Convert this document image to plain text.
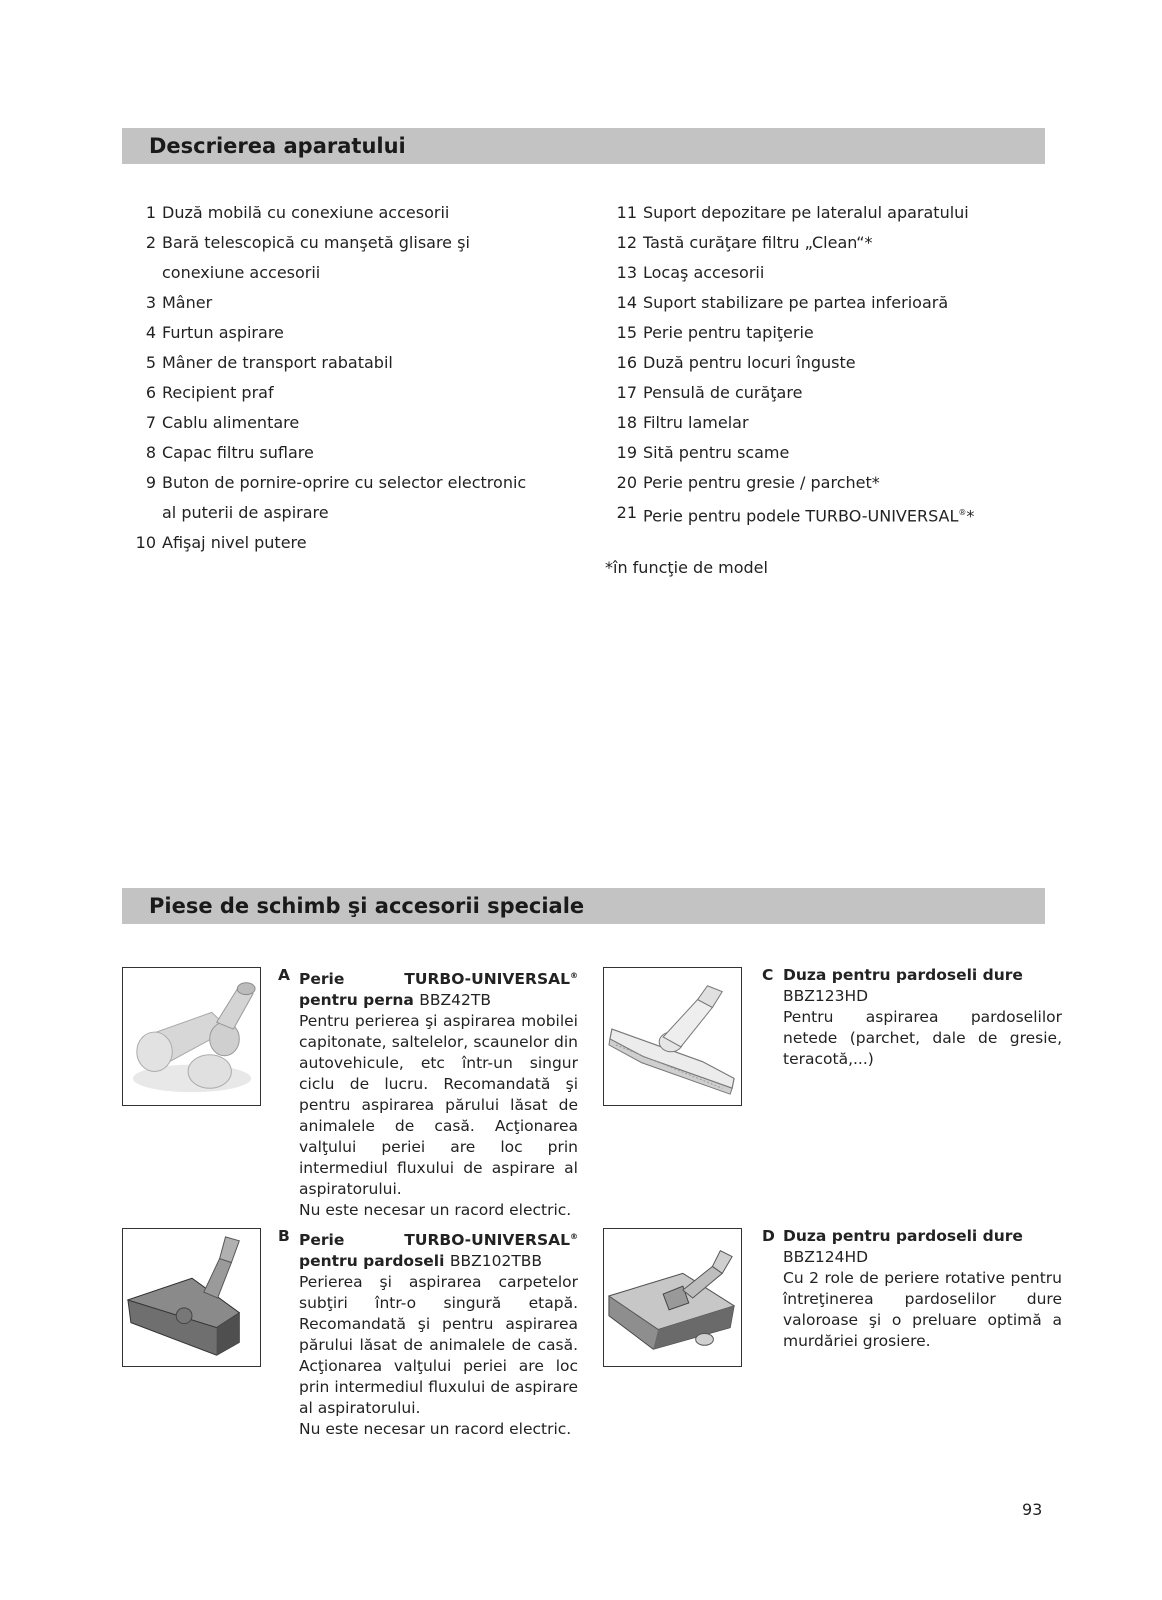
Descrierea aparatului
1 Duză mobilă cu conexiune accesorii
2 Bară telescopică cu manşetă glisare şi
conexiune accesorii
3 Mâner
4 Furtun aspirare
5 Mâner de transport rabatabil
6 Recipient praf
7 Cablu alimentare
8 Capac filtru suflare
9 Buton de pornire-oprire cu selector electronic
al puterii de aspirare
10 Afişaj nivel putere
11 Suport depozitare pe lateralul aparatului
12 Tastă curăţare filtru „Clean“*
13 Locaş accesorii
14 Suport stabilizare pe partea inferioară
15 Perie pentru tapiţerie
16 Duză pentru locuri înguste
17 Pensulă de curăţare
18 Filtru lamelar
19 Sită pentru scame
20 Perie pentru gresie / parchet*
21 Perie pentru podele TURBO-UNIVERSAL®*
*în funcţie de model
Piese de schimb şi accesorii speciale
A Perie TURBO-UNIVERSAL® pentru perna BBZ42TB
Pentru perierea şi aspirarea mobilei capitonate, saltelelor, scaunelor din autovehicule, etc într-un singur ciclu de lucru. Recomandată şi pentru aspirarea părului lăsat de animalele de casă. Acţionarea valţului periei are loc prin intermediul fluxului de aspirare al aspiratorului.
Nu este necesar un racord electric.
C Duza pentru pardoseli dure
BBZ123HD
Pentru aspirarea pardoselilor netede (parchet, dale de gresie, teracotă,...)
B Perie TURBO-UNIVERSAL® pentru pardoseli BBZ102TBB
Perierea şi aspirarea carpetelor subţiri într-o singură etapă. Recomandată şi pentru aspirarea părului lăsat de animalele de casă. Acţionarea valţului periei are loc prin intermediul fluxului de aspirare al aspiratorului.
Nu este necesar un racord electric.
D Duza pentru pardoseli dure
BBZ124HD
Cu 2 role de periere rotative pentru întreţinerea pardoselilor dure valoroase şi o preluare optimă a murdăriei grosiere.
93
